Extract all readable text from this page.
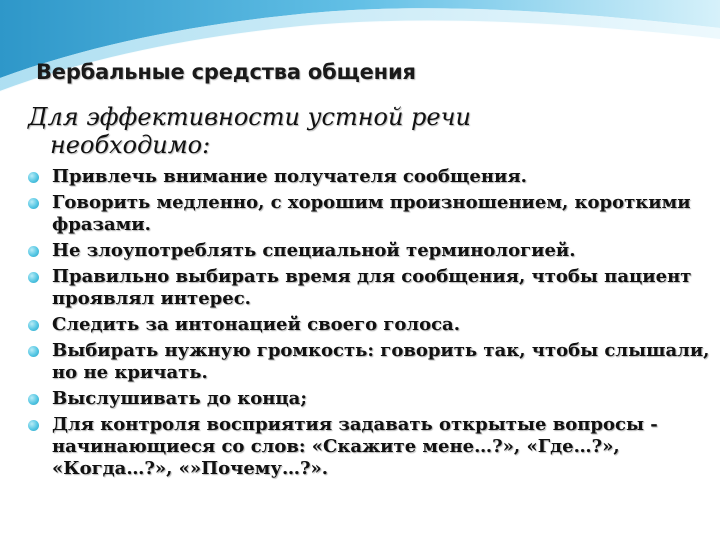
Вербальные средства общения
Для эффективности устной речи
необходимо:
Привлечь внимание получателя сообщения.
Говорить медленно, с хорошим произношением, короткими фразами.
Не злоупотреблять специальной терминологией.
Правильно выбирать время для сообщения, чтобы пациент проявлял интерес.
Следить за интонацией своего голоса.
Выбирать нужную громкость: говорить так, чтобы слышали, но не кричать.
Выслушивать до конца;
Для контроля восприятия задавать открытые вопросы - начинающиеся со слов: «Скажите мене…?», «Где…?», «Когда…?», «»Почему…?».
